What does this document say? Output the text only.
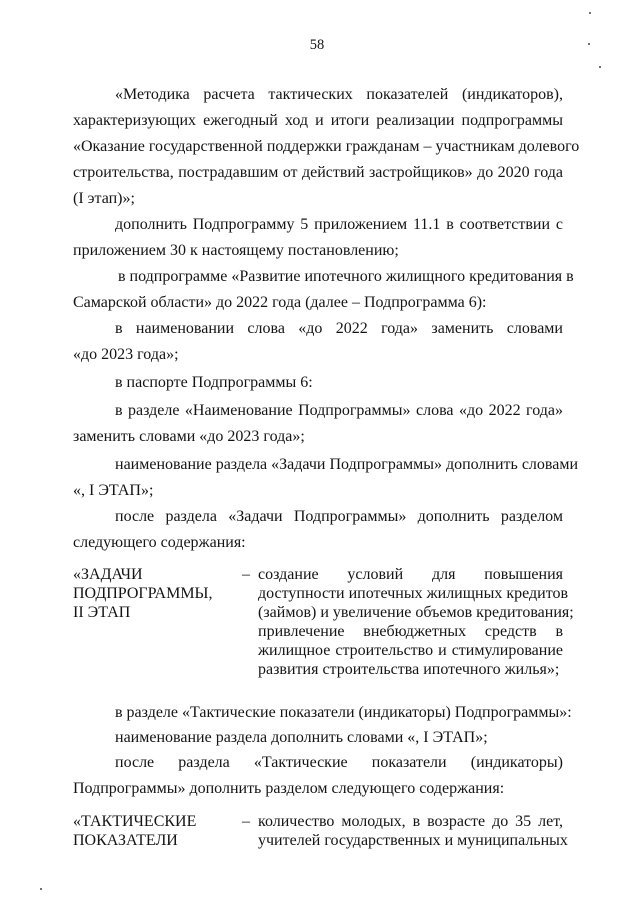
58
«Методика расчета тактических показателей (индикаторов),
характеризующих ежегодный ход и итоги реализации подпрограммы
«Оказание государственной поддержки гражданам – участникам долевого
строительства, пострадавшим от действий застройщиков» до 2020 года
(I этап)»;
дополнить Подпрограмму 5 приложением 11.1 в соответствии с
приложением 30 к настоящему постановлению;
в подпрограмме «Развитие ипотечного жилищного кредитования в
Самарской области» до 2022 года (далее – Подпрограмма 6):
в наименовании слова «до 2022 года» заменить словами
«до 2023 года»;
в паспорте Подпрограммы 6:
в разделе «Наименование Подпрограммы» слова «до 2022 года»
заменить словами «до 2023 года»;
наименование раздела «Задачи Подпрограммы» дополнить словами
«, I ЭТАП»;
после раздела «Задачи Подпрограммы» дополнить разделом
следующего содержания:
«ЗАДАЧИ
ПОДПРОГРАММЫ,
II ЭТАП
– создание условий для повышения
доступности ипотечных жилищных кредитов
(займов) и увеличение объемов кредитования;
привлечение внебюджетных средств в
жилищное строительство и стимулирование
развития строительства ипотечного жилья»;
в разделе «Тактические показатели (индикаторы) Подпрограммы»:
наименование раздела дополнить словами «, I ЭТАП»;
после раздела «Тактические показатели (индикаторы)
Подпрограммы» дополнить разделом следующего содержания:
«ТАКТИЧЕСКИЕ
ПОКАЗАТЕЛИ
– количество молодых, в возрасте до 35 лет,
учителей государственных и муниципальных
